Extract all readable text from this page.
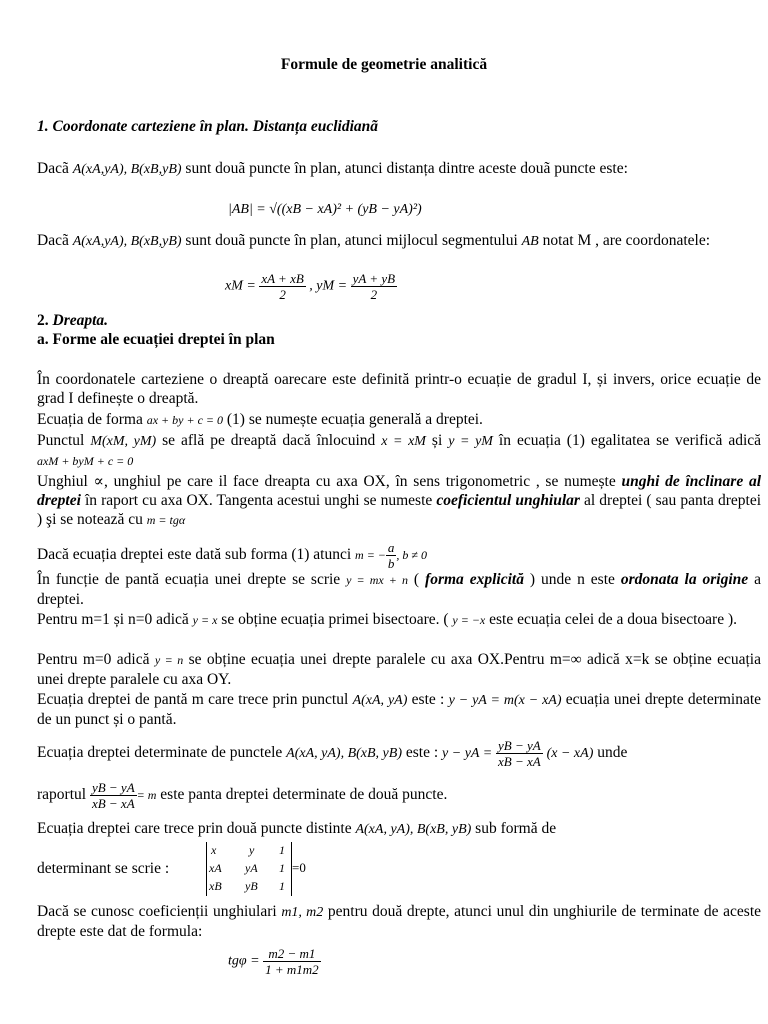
Formule de geometrie analitică
1. Coordonate carteziene în plan. Distanța euclidianã
Dacã A(xA,yA), B(xB,yB) sunt douã puncte în plan, atunci distanța dintre aceste douã puncte este:
|AB| = √((xB − xA)² + (yB − yA)²)
Dacã A(xA,yA), B(xB,yB) sunt douã puncte în plan, atunci mijlocul segmentului AB notat M , are coordonatele:
xM = $\frac{xA + xB}{2}$ , yM = $\frac{yA + yB}{2}$
2. Dreapta.
a. Forme ale ecuației dreptei în plan
În coordonatele carteziene o dreaptă oarecare este definită printr-o ecuație de gradul I, și invers, orice ecuație de grad I definește o dreaptă.
Ecuația de forma ax + by + c = 0 (1) se numește ecuația generală a dreptei.
Punctul M(xM, yM) se află pe dreaptă dacă înlocuind x = xM și y = yM în ecuația (1) egalitatea se verifică adică axM + byM + c = 0
Unghiul ∝, unghiul pe care il face dreapta cu axa OX, în sens trigonometric , se numește unghi de înclinare al dreptei în raport cu axa OX. Tangenta acestui unghi se numeste coeficientul unghiular al dreptei ( sau panta dreptei ) şi se notează cu m = tgα
Dacă ecuația dreptei este dată sub forma (1) atunci m = − $\frac{a}{b}$ , b ≠ 0
În funcție de pantă ecuația unei drepte se scrie y = mx + n ( forma explicită ) unde n este ordonata la origine a dreptei.
Pentru m=1 și n=0 adică y = x se obține ecuația primei bisectoare. ( y = −x este ecuația celei de a doua bisectoare ).
Pentru m=0 adică y = n se obține ecuația unei drepte paralele cu axa OX.Pentru m=∞ adică x=k se obține ecuația unei drepte paralele cu axa OY.
Ecuația dreptei de pantă m care trece prin punctul A(xA, yA) este : y − yA = m(x − xA) ecuația unei drepte determinate de un punct și o pantă.
Ecuația dreptei determinate de punctele A(xA, yA), B(xB, yB) este : y − yA = $\frac{yB - yA}{xB - xA} (x - xA)$ unde
raportul $\frac{yB - yA}{xB - xA} = m$ este panta dreptei determinate de două puncte.
Ecuația dreptei care trece prin două puncte distinte A(xA, yA), B(xB, yB) sub formă de
determinant se scrie :
x	y 1
xA yA 1
xB yB 1
=0
Dacă se cunosc coeficienții unghiulari m1, m2 pentru două drepte, atunci unul din unghiurile de terminate de aceste drepte este dat de formula:
$tg\varphi = \frac{m2 - m1}{1 + m1m2}$
